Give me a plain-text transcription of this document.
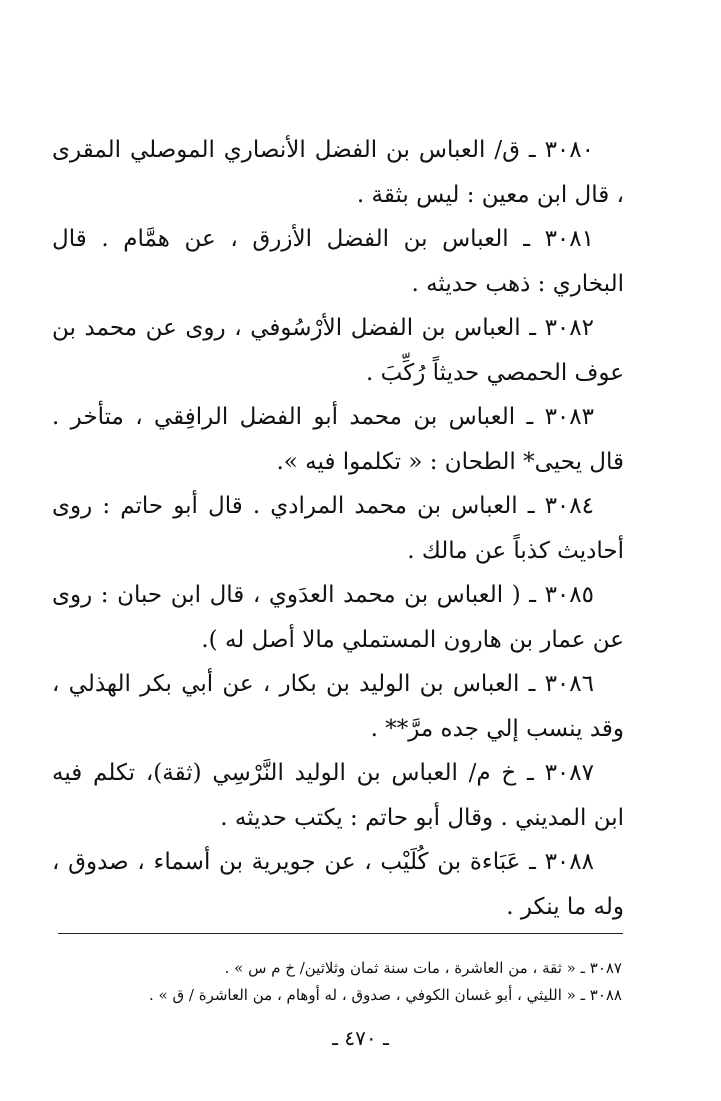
٣٠٨٠ ـ ق/ العباس بن الفضل الأنصاري الموصلي المقرى ، قال ابن معين : ليس بثقة .

٣٠٨١ ـ العباس بن الفضل الأزرق ، عن همَّام . قال البخاري : ذهب حديثه .

٣٠٨٢ ـ العباس بن الفضل الأرْسُوفي ، روى عن محمد بن عوف الحمصي حديثاً رُكِّبَ .

٣٠٨٣ ـ العباس بن محمد أبو الفضل الرافِقي ، متأخر . قال يحيى* الطحان : « تكلموا فيه ».

٣٠٨٤ ـ العباس بن محمد المرادي . قال أبو حاتم : روى أحاديث كذباً عن مالك .

٣٠٨٥ ـ ( العباس بن محمد العدَوي ، قال ابن حبان : روى عن عمار بن هارون المستملي مالا أصل له ).

٣٠٨٦ ـ العباس بن الوليد بن بكار ، عن أبي بكر الهذلي ، وقد ينسب إلي جده مرَّ** .

٣٠٨٧ ـ خ م/ العباس بن الوليد النَّرْسِي (ثقة)، تكلم فيه ابن المديني . وقال أبو حاتم : يكتب حديثه .

٣٠٨٨ ـ عَبَاءة بن كُلَيْب ، عن جويرية بن أسماء ، صدوق ، وله ما ينكر .

٣٠٨٧ ـ « ثقة ، من العاشرة ، مات سنة ثمان وثلاثين/ خ م س » .

٣٠٨٨ ـ « الليثي ، أبو غسان الكوفي ، صدوق ، له أوهام ، من العاشرة / ق » .

ـ ٤٧٠ ـ
